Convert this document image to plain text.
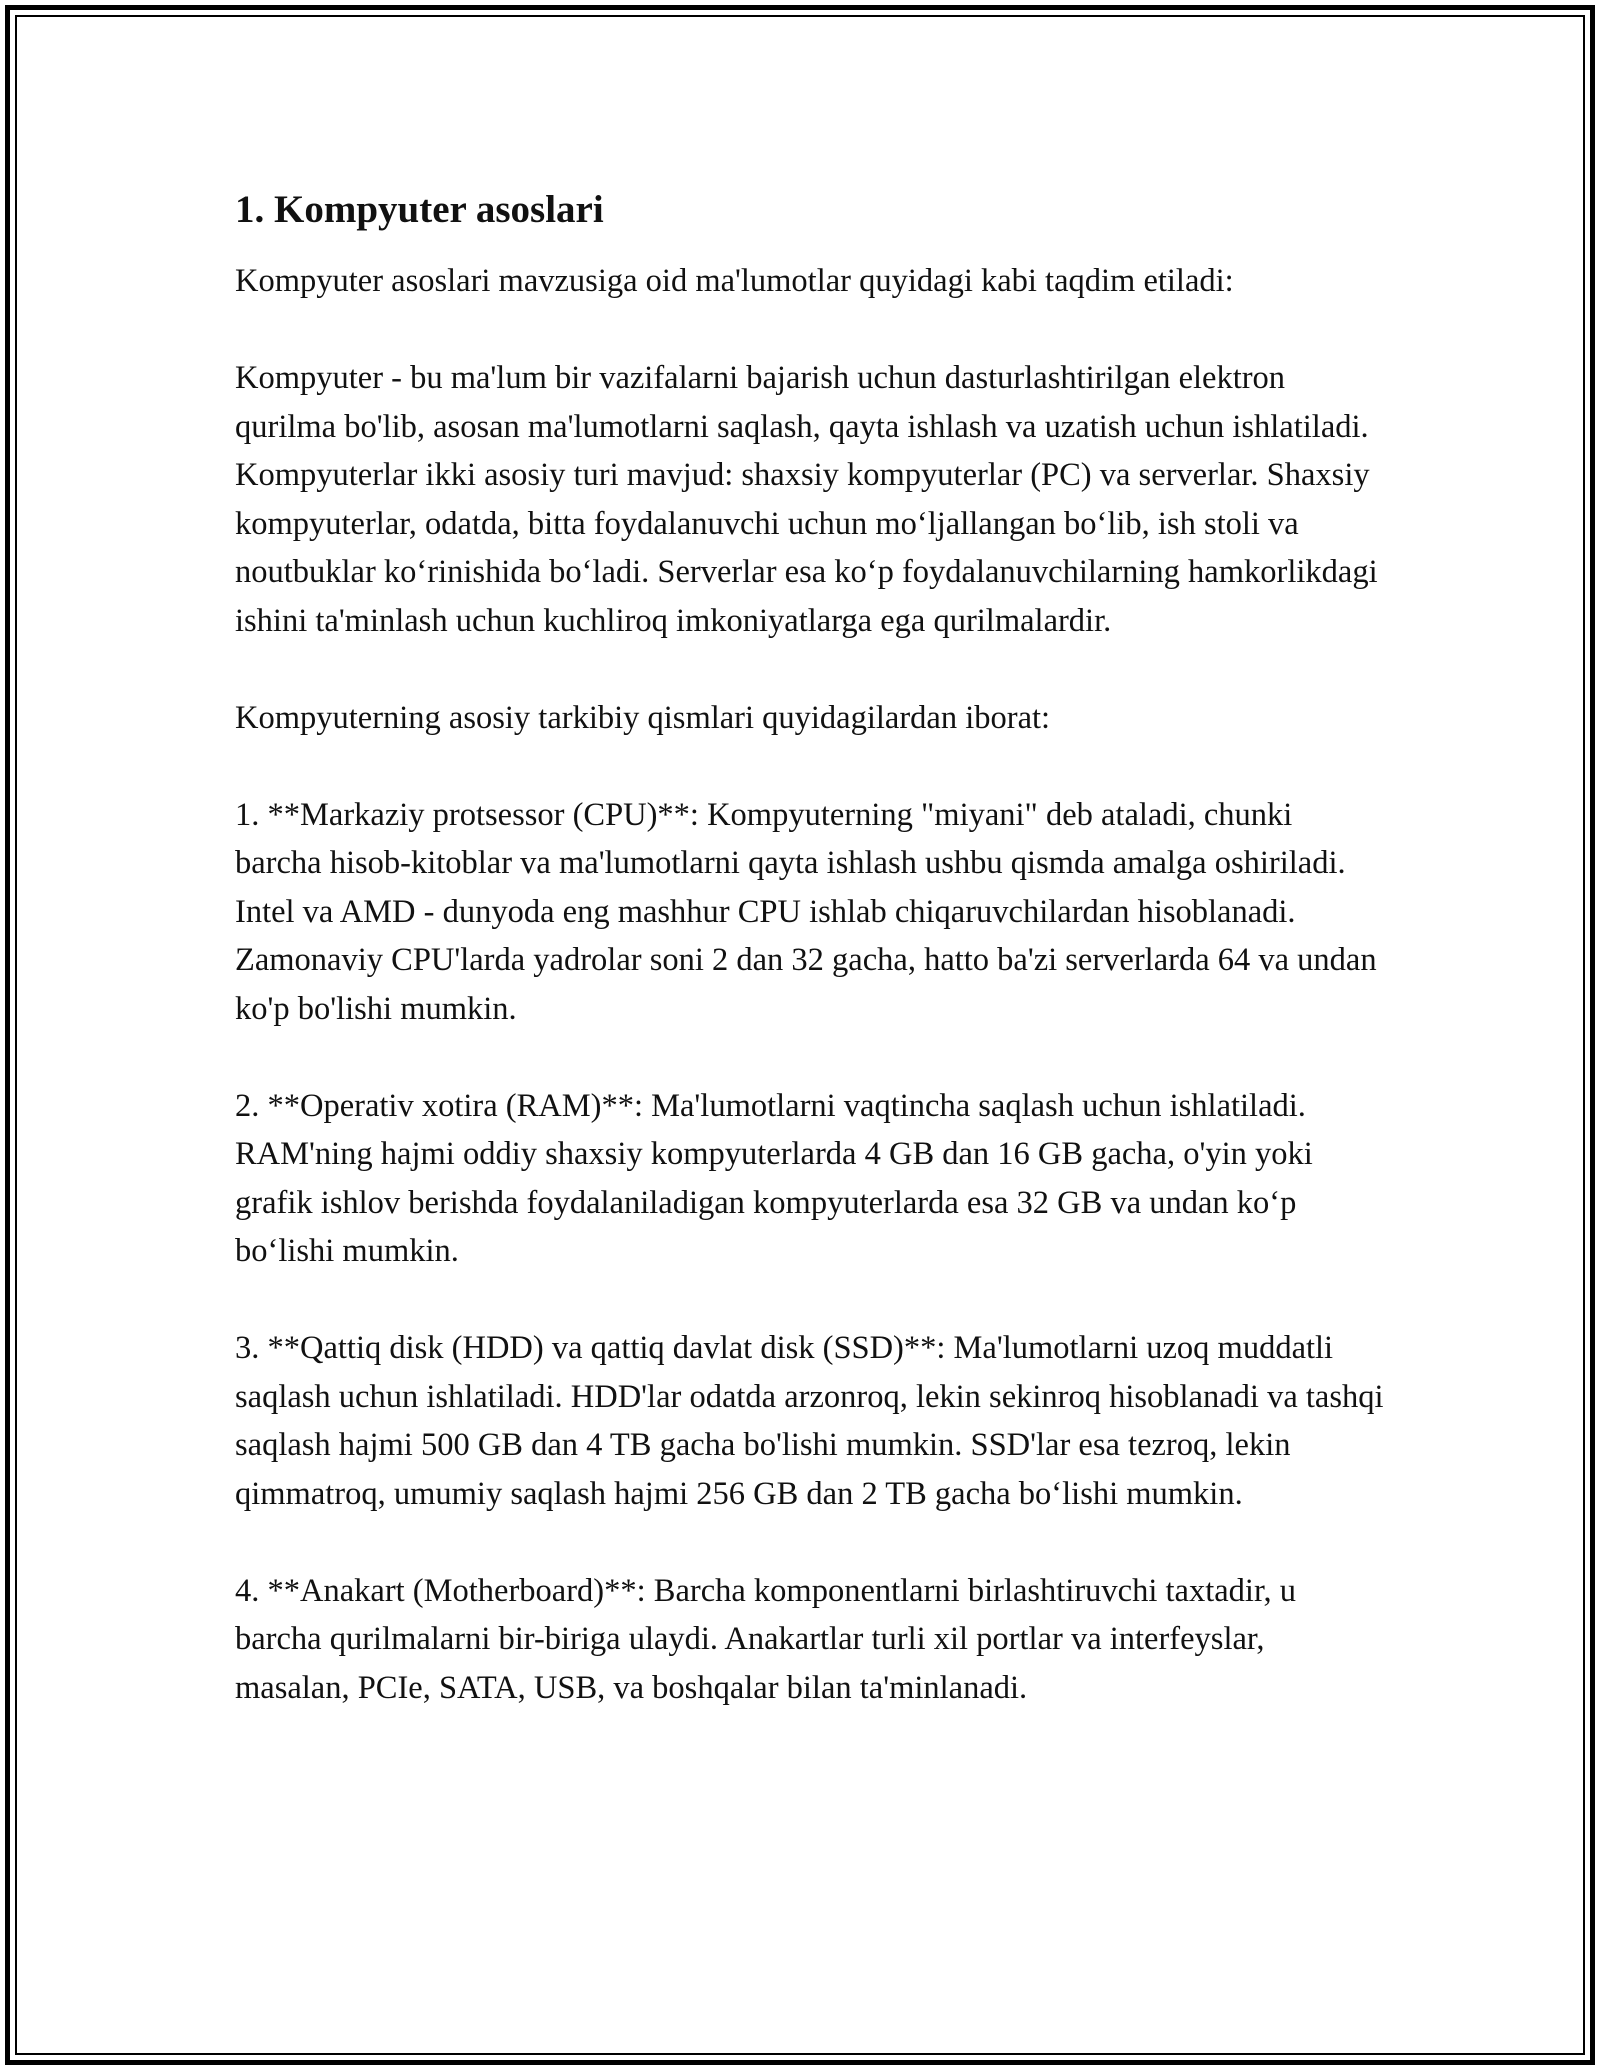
1. Kompyuter asoslari

Kompyuter asoslari mavzusiga oid ma'lumotlar quyidagi kabi taqdim etiladi:

Kompyuter - bu ma'lum bir vazifalarni bajarish uchun dasturlashtirilgan elektron qurilma bo'lib, asosan ma'lumotlarni saqlash, qayta ishlash va uzatish uchun ishlatiladi. Kompyuterlar ikki asosiy turi mavjud: shaxsiy kompyuterlar (PC) va serverlar. Shaxsiy kompyuterlar, odatda, bitta foydalanuvchi uchun moʻljallangan boʻlib, ish stoli va noutbuklar koʻrinishida boʻladi. Serverlar esa koʻp foydalanuvchilarning hamkorlikdagi ishini ta'minlash uchun kuchliroq imkoniyatlarga ega qurilmalardir.

Kompyuterning asosiy tarkibiy qismlari quyidagilardan iborat:

1. **Markaziy protsessor (CPU)**: Kompyuterning "miyani" deb ataladi, chunki barcha hisob-kitoblar va ma'lumotlarni qayta ishlash ushbu qismda amalga oshiriladi. Intel va AMD - dunyoda eng mashhur CPU ishlab chiqaruvchilardan hisoblanadi. Zamonaviy CPU'larda yadrolar soni 2 dan 32 gacha, hatto ba'zi serverlarda 64 va undan ko'p bo'lishi mumkin.

2. **Operativ xotira (RAM)**: Ma'lumotlarni vaqtincha saqlash uchun ishlatiladi. RAM'ning hajmi oddiy shaxsiy kompyuterlarda 4 GB dan 16 GB gacha, o'yin yoki grafik ishlov berishda foydalaniladigan kompyuterlarda esa 32 GB va undan koʻp boʻlishi mumkin.

3. **Qattiq disk (HDD) va qattiq davlat disk (SSD)**: Ma'lumotlarni uzoq muddatli saqlash uchun ishlatiladi. HDD'lar odatda arzonroq, lekin sekinroq hisoblanadi va tashqi saqlash hajmi 500 GB dan 4 TB gacha bo'lishi mumkin. SSD'lar esa tezroq, lekin qimmatroq, umumiy saqlash hajmi 256 GB dan 2 TB gacha boʻlishi mumkin.

4. **Anakart (Motherboard)**: Barcha komponentlarni birlashtiruvchi taxtadir, u barcha qurilmalarni bir-biriga ulaydi. Anakartlar turli xil portlar va interfeyslar, masalan, PCIe, SATA, USB, va boshqalar bilan ta'minlanadi.
